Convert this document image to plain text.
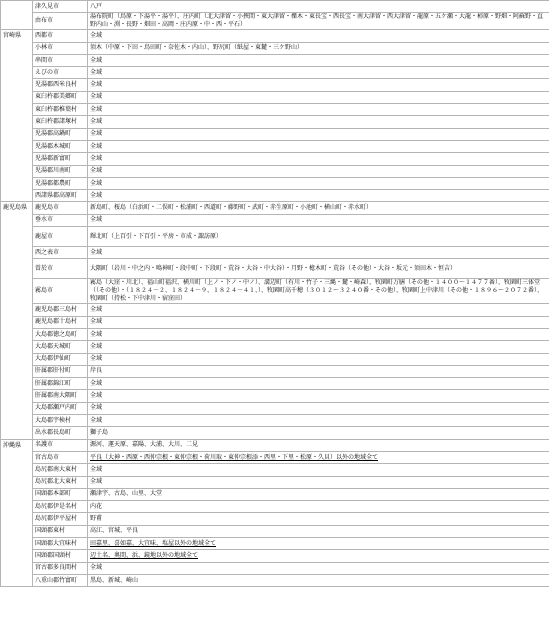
	津久見市	八戸
	由布市	湯布院町（鳥原・下湯平・湯平）、庄内町（北大津留・小挾間・東大津留・櫟木・東長宝・西長宝・南大津留・西大津留・龍原・五ケ瀬・大龍・柿原・野畑・阿蘇野・直野内山・渕・長野・畑田・高岡・庄内原・中・西・平石）

宮崎県	西都市	全域
	小林市	須木（中原・下田・鳥田町・奈佐木・内山）、野尻町（紙屋・東麓・三ケ野山）
	串間市	全域
	えびの市	全域
	児湯郡西米良村	全域
	東臼杵郡美郷町	全域
	東臼杵郡椎葉村	全域
	東臼杵郡諸塚村	全域
	児湯郡高鍋町	全域
	児湯郡木城町	全域
	児湯郡新富町	全域
	児湯郡川南町	全域
	児湯郡都農町	全域
	西諸県郡高原町	全域
鹿児島県	鹿児島市	新島町、桜島（白浜町・二俣町・松浦町・西道町・藤野町・武町・赤生原町・小池町・横山町・赤水町）
	垂水市	全域
	鹿屋市	輝北町（上百引・下百引・平房・市成・諏訪原）
	西之表市	全域
	曽於市	大隅町（岩川・中之内・鳴神町・段中町・下段町・荒谷・大谷・中大谷）・月野・檍木町・荒谷（その他）・大谷・坂元・須田木・恒吉）
	霧島市	霧島（大窪・川北）、福山町福沢、横川町（上ノ・下ノ・中ノ）、溝辺町（有川・竹子・三縄・麓・崎森）、牧園町万膳（その他・１４００～１４７７番）、牧園町三体堂（（その他）・（１８２４－２、１８２４－９、１８２４－４１、）、牧園町高千穂（３０１２～３２４０番・その他）、牧園町上中津川（その他・１８９６～２０７２番）、牧園町（持松・下中津川・宿窪田）

	鹿児島郡三島村	全域
	鹿児島郡十島村	全域
	大島郡徳之島町	全域
	大島郡天城町	全域
	大島郡伊仙町	全域
	肝属郡肝付町	岸良
	肝属郡錦江町	全域
	肝属郡南大隅町	全域
	大島郡瀬戸内町	全域
	大島郡宇検村	全域
	出水郡長島町	獅子島
沖縄県	名護市	源河、運天原、嘉陽、大浦、大川、二見
	宮古島市	平良（大神・西原・西仲宗根・東仲宗根・荷川取・東仲宗根添・西里・下里・松原・久貝）以外の地域全て
	島尻郡南大東村	全域
	島尻郡北大東村	全域
	国頭郡本部町	瀬津宇、古島、山里、大堂
	島尻郡伊是名村	内花
	島尻郡伊平屋村	野甫
	国頭郡東村	高江、宮城、平良
	国頭郡大宜味村	田嘉里、喜如嘉、大宜味、塩屋以外の地域全て
	国頭郡国頭村	辺土名、奥間、浜、鏡地以外の地域全て
	宮古郡多良間村	全域
	八重山郡竹富町	黒島、新城、崎山
